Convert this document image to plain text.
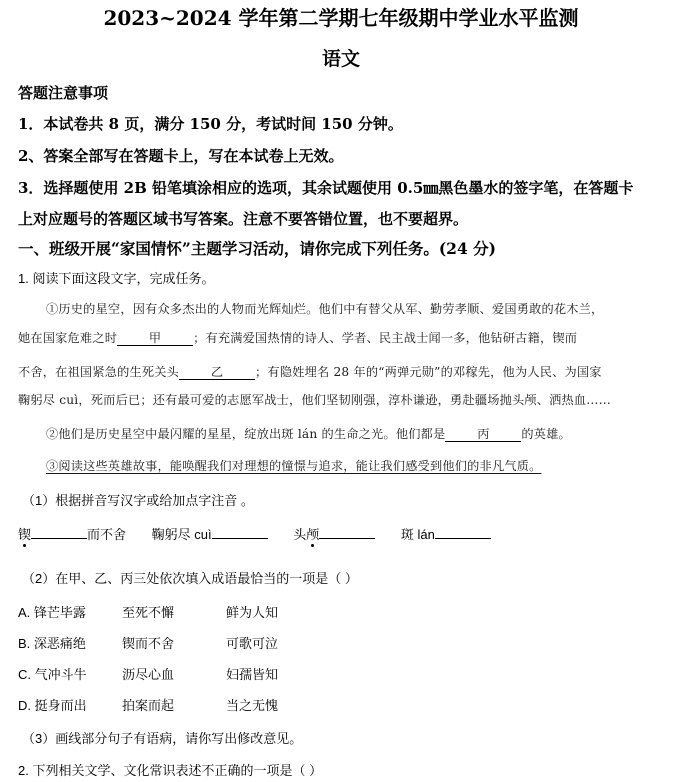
2023~2024 学年第二学期七年级期中学业水平监测
语文
答题注意事项
1．本试卷共 8 页，满分 150 分，考试时间 150 分钟。
2、答案全部写在答题卡上，写在本试卷上无效。
3．选择题使用 2B 铅笔填涂相应的选项，其余试题使用 0.5㎜黑色墨水的签字笔，在答题卡
上对应题号的答题区域书写答案。注意不要答错位置，也不要超界。
一、班级开展“家国情怀”主题学习活动，请你完成下列任务。(24 分)
1. 阅读下面这段文字，完成任务。
①历史的星空，因有众多杰出的人物而光辉灿烂。他们中有替父从军、勤劳孝顺、爱国勇敢的花木兰，
她在国家危难之时	甲	；有充满爱国热情的诗人、学者、民主战士闻一多，他钻研古籍，锲而
不舍，在祖国紧急的生死关头	乙	；有隐姓埋名 28 年的“两弹元勋”的邓稼先，他为人民、为国家
鞠躬尽 cuì，死而后已；还有最可爱的志愿军战士，他们坚韧刚强，淳朴谦逊，勇赴疆场抛头颅、洒热血……
②他们是历史星空中最闪耀的星星，绽放出斑 lán 的生命之光。他们都是	丙	的英雄。
③阅读这些英雄故事，能唤醒我们对理想的憧憬与追求，能让我们感受到他们的非凡气质。
（1）根据拼音写汉字或给加点字注音 。
锲	而不舍 鞠躬尽 cuì	头颅	斑 lán
（2）在甲、乙、丙三处依次填入成语最恰当的一项是（ ）
A. 锋芒毕露	至死不懈	鲜为人知
B. 深恶痛绝	锲而不舍	可歌可泣
C. 气冲斗牛	沥尽心血	妇孺皆知
D. 挺身而出	拍案而起	当之无愧
（3）画线部分句子有语病，请你写出修改意见。
2. 下列相关文学、文化常识表述不正确的一项是（ ）
